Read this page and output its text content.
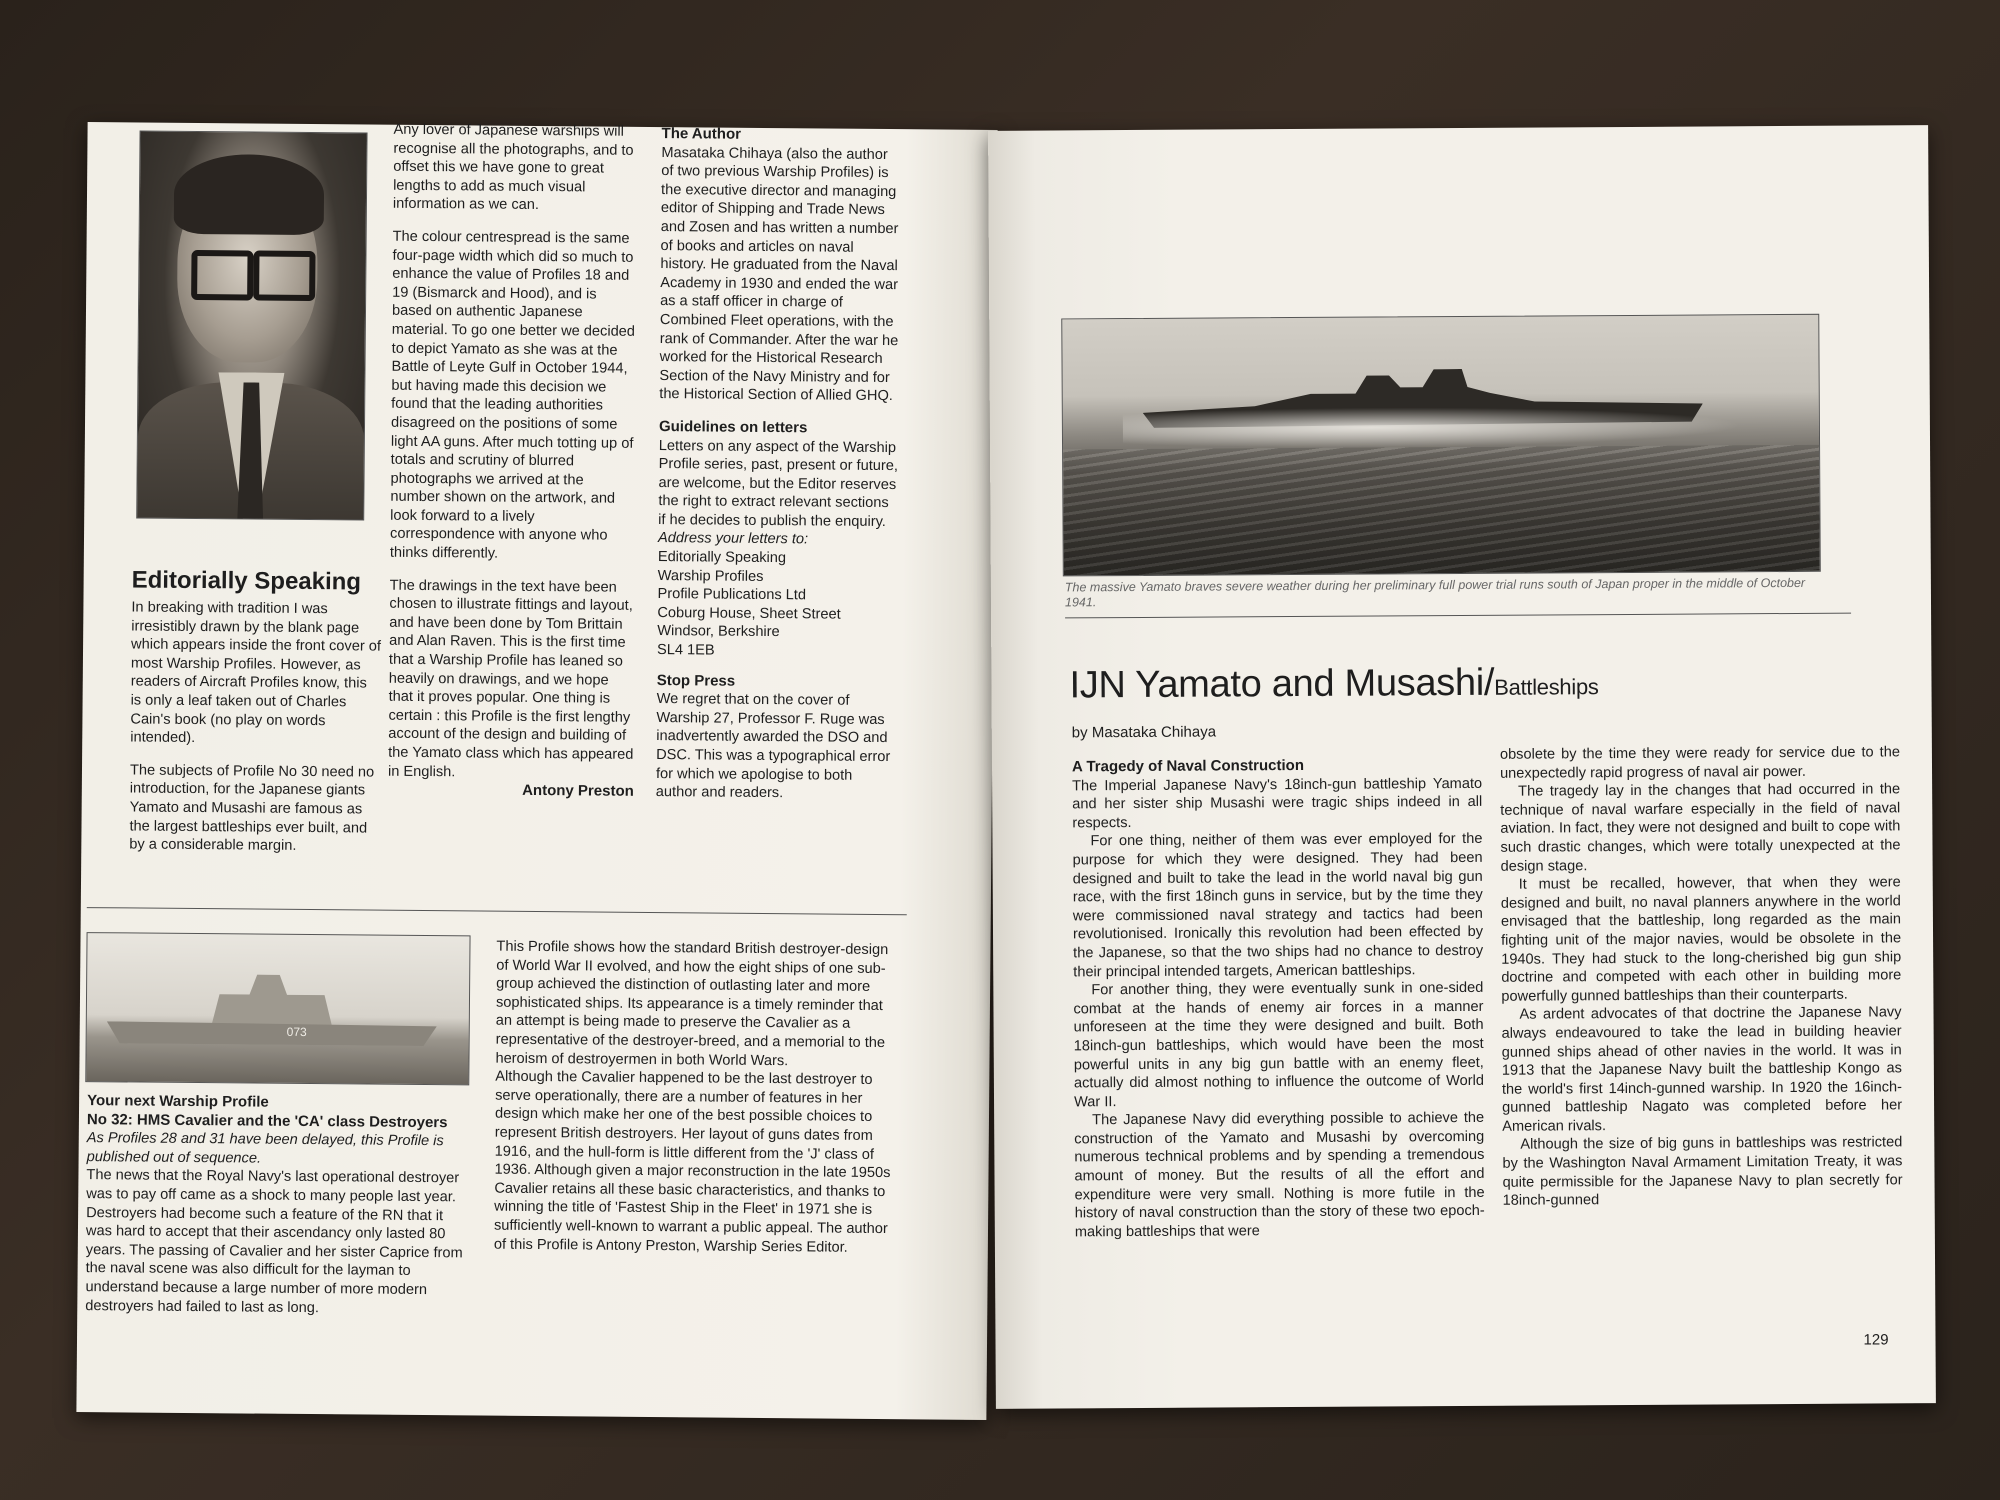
Editorially Speaking

In breaking with tradition I was irresistibly drawn by the blank page which appears inside the front cover of most Warship Profiles. However, as readers of Aircraft Profiles know, this is only a leaf taken out of Charles Cain's book (no play on words intended).

The subjects of Profile No 30 need no introduction, for the Japanese giants Yamato and Musashi are famous as the largest battleships ever built, and by a considerable margin.

Any lover of Japanese warships will recognise all the photographs, and to offset this we have gone to great lengths to add as much visual information as we can.

The colour centrespread is the same four-page width which did so much to enhance the value of Profiles 18 and 19 (Bismarck and Hood), and is based on authentic Japanese material. To go one better we decided to depict Yamato as she was at the Battle of Leyte Gulf in October 1944, but having made this decision we found that the leading authorities disagreed on the positions of some light AA guns. After much totting up of totals and scrutiny of blurred photographs we arrived at the number shown on the artwork, and look forward to a lively correspondence with anyone who thinks differently.

The drawings in the text have been chosen to illustrate fittings and layout, and have been done by Tom Brittain and Alan Raven. This is the first time that a Warship Profile has leaned so heavily on drawings, and we hope that it proves popular. One thing is certain : this Profile is the first lengthy account of the design and building of the Yamato class which has appeared in English.

Antony Preston
The Author

Masataka Chihaya (also the author of two previous Warship Profiles) is the executive director and managing editor of Shipping and Trade News and Zosen and has written a number of books and articles on naval history. He graduated from the Naval Academy in 1930 and ended the war as a staff officer in charge of Combined Fleet operations, with the rank of Commander. After the war he worked for the Historical Research Section of the Navy Ministry and for the Historical Section of Allied GHQ.

Guidelines on letters

Letters on any aspect of the Warship Profile series, past, present or future, are welcome, but the Editor reserves the right to extract relevant sections if he decides to publish the enquiry.

Address your letters to:
Editorially Speaking
Warship Profiles
Profile Publications Ltd
Coburg House, Sheet Street
Windsor, Berkshire
SL4 1EB
Stop Press

We regret that on the cover of Warship 27, Professor F. Ruge was inadvertently awarded the DSO and DSC. This was a typographical error for which we apologise to both author and readers.

073
Your next Warship Profile
No 32: HMS Cavalier and the 'CA' class Destroyers
As Profiles 28 and 31 have been delayed, this Profile is published out of sequence.

The news that the Royal Navy's last operational destroyer was to pay off came as a shock to many people last year. Destroyers had become such a feature of the RN that it was hard to accept that their ascendancy only lasted 80 years. The passing of Cavalier and her sister Caprice from the naval scene was also difficult for the layman to understand because a large number of more modern destroyers had failed to last as long.

This Profile shows how the standard British destroyer-design of World War II evolved, and how the eight ships of one sub-group achieved the distinction of outlasting later and more sophisticated ships. Its appearance is a timely reminder that an attempt is being made to preserve the Cavalier as a representative of the destroyer-breed, and a memorial to the heroism of destroyermen in both World Wars.

Although the Cavalier happened to be the last destroyer to serve operationally, there are a number of features in her design which make her one of the best possible choices to represent British destroyers. Her layout of guns dates from 1916, and the hull-form is little different from the 'J' class of 1936. Although given a major reconstruction in the late 1950s Cavalier retains all these basic characteristics, and thanks to winning the title of 'Fastest Ship in the Fleet' in 1971 she is sufficiently well-known to warrant a public appeal. The author of this Profile is Antony Preston, Warship Series Editor.

The massive Yamato braves severe weather during her preliminary full power trial runs south of Japan proper in the middle of October 1941.
IJN Yamato and Musashi/Battleships
by Masataka Chihaya
A Tragedy of Naval Construction

The Imperial Japanese Navy's 18inch-gun battleship Yamato and her sister ship Musashi were tragic ships indeed in all respects.

For one thing, neither of them was ever employed for the purpose for which they were designed. They had been designed and built to take the lead in the world naval big gun race, with the first 18inch guns in service, but by the time they were commissioned naval strategy and tactics had been revolutionised. Ironically this revolution had been effected by the Japanese, so that the two ships had no chance to destroy their principal intended targets, American battleships.

For another thing, they were eventually sunk in one-sided combat at the hands of enemy air forces in a manner unforeseen at the time they were designed and built. Both 18inch-gun battleships, which would have been the most powerful units in any big gun battle with an enemy fleet, actually did almost nothing to influence the outcome of World War II.

The Japanese Navy did everything possible to achieve the construction of the Yamato and Musashi by overcoming numerous technical problems and by spending a tremendous amount of money. But the results of all the effort and expenditure were very small. Nothing is more futile in the history of naval construction than the story of these two epoch-making battleships that were

obsolete by the time they were ready for service due to the unexpectedly rapid progress of naval air power.

The tragedy lay in the changes that had occurred in the technique of naval warfare especially in the field of naval aviation. In fact, they were not designed and built to cope with such drastic changes, which were totally unexpected at the design stage.

It must be recalled, however, that when they were designed and built, no naval planners anywhere in the world envisaged that the battleship, long regarded as the main fighting unit of the major navies, would be obsolete in the 1940s. They had stuck to the long-cherished big gun ship doctrine and competed with each other in building more powerfully gunned battleships than their counterparts.

As ardent advocates of that doctrine the Japanese Navy always endeavoured to take the lead in building heavier gunned ships ahead of other navies in the world. It was in 1913 that the Japanese Navy built the battleship Kongo as the world's first 14inch-gunned warship. In 1920 the 16inch-gunned battleship Nagato was completed before her American rivals.

Although the size of big guns in battleships was restricted by the Washington Naval Armament Limitation Treaty, it was quite permissible for the Japanese Navy to plan secretly for 18inch-gunned

129
